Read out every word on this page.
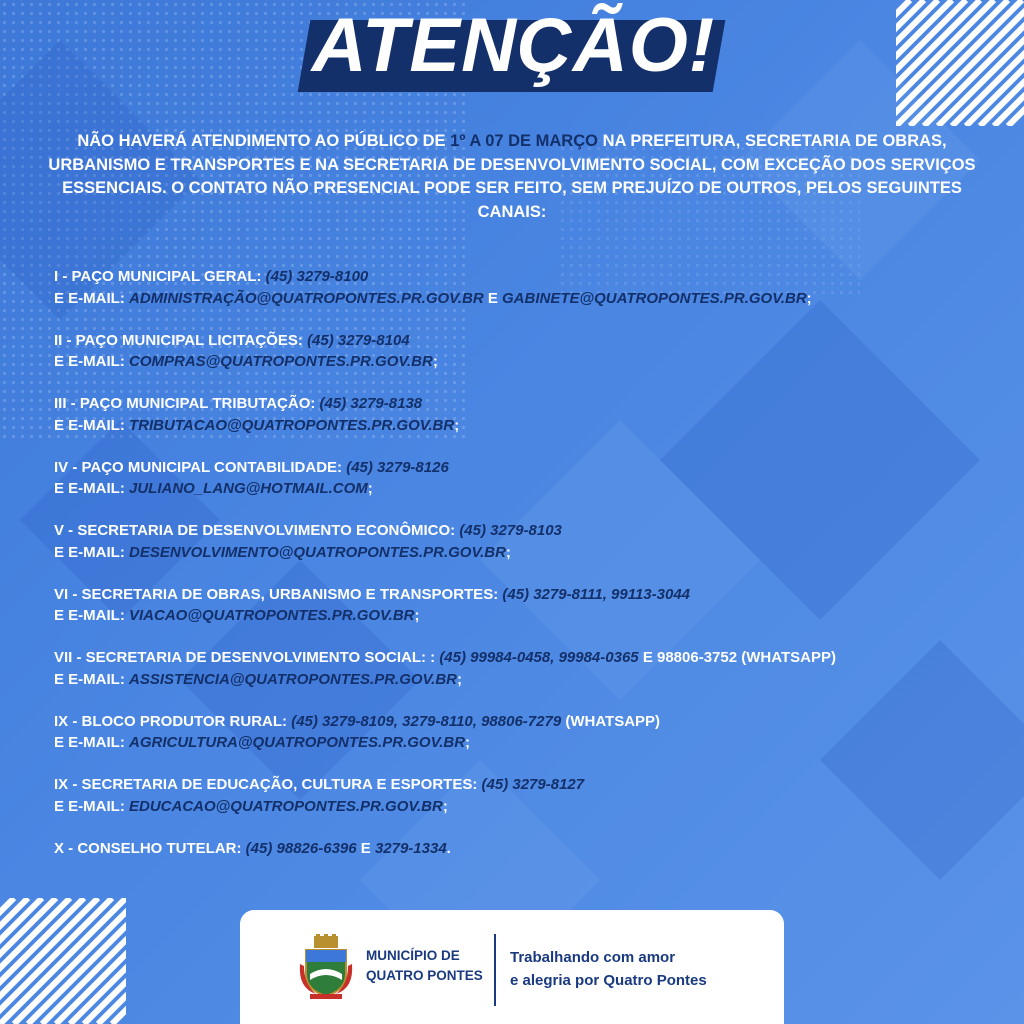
ATENÇÃO!
NÃO HAVERÁ ATENDIMENTO AO PÚBLICO DE 1º A 07 DE MARÇO NA PREFEITURA, SECRETARIA DE OBRAS, URBANISMO E TRANSPORTES E NA SECRETARIA DE DESENVOLVIMENTO SOCIAL, COM EXCEÇÃO DOS SERVIÇOS ESSENCIAIS. O CONTATO NÃO PRESENCIAL PODE SER FEITO, SEM PREJUÍZO DE OUTROS, PELOS SEGUINTES CANAIS:
I - PAÇO MUNICIPAL GERAL: (45) 3279-8100
E E-MAIL: ADMINISTRAÇÃO@QUATROPONTES.PR.GOV.BR E GABINETE@QUATROPONTES.PR.GOV.BR;
II - PAÇO MUNICIPAL LICITAÇÕES: (45) 3279-8104
E E-MAIL: COMPRAS@QUATROPONTES.PR.GOV.BR;
III - PAÇO MUNICIPAL TRIBUTAÇÃO: (45) 3279-8138
E E-MAIL: TRIBUTACAO@QUATROPONTES.PR.GOV.BR;
IV - PAÇO MUNICIPAL CONTABILIDADE: (45) 3279-8126
E E-MAIL: JULIANO_LANG@HOTMAIL.COM;
V - SECRETARIA DE DESENVOLVIMENTO ECONÔMICO: (45) 3279-8103
E E-MAIL: DESENVOLVIMENTO@QUATROPONTES.PR.GOV.BR;
VI - SECRETARIA DE OBRAS, URBANISMO E TRANSPORTES: (45) 3279-8111, 99113-3044
E E-MAIL: VIACAO@QUATROPONTES.PR.GOV.BR;
VII - SECRETARIA DE DESENVOLVIMENTO SOCIAL: : (45) 99984-0458, 99984-0365 E 98806-3752 (WHATSAPP)
E E-MAIL: ASSISTENCIA@QUATROPONTES.PR.GOV.BR;
IX - BLOCO PRODUTOR RURAL: (45) 3279-8109, 3279-8110, 98806-7279 (WHATSAPP)
E E-MAIL: AGRICULTURA@QUATROPONTES.PR.GOV.BR;
IX - SECRETARIA DE EDUCAÇÃO, CULTURA E ESPORTES: (45) 3279-8127
E E-MAIL: EDUCACAO@QUATROPONTES.PR.GOV.BR;
X - CONSELHO TUTELAR: (45) 98826-6396 E 3279-1334.
MUNICÍPIO DE
QUATRO PONTES
Trabalhando com amor
e alegria por Quatro Pontes
